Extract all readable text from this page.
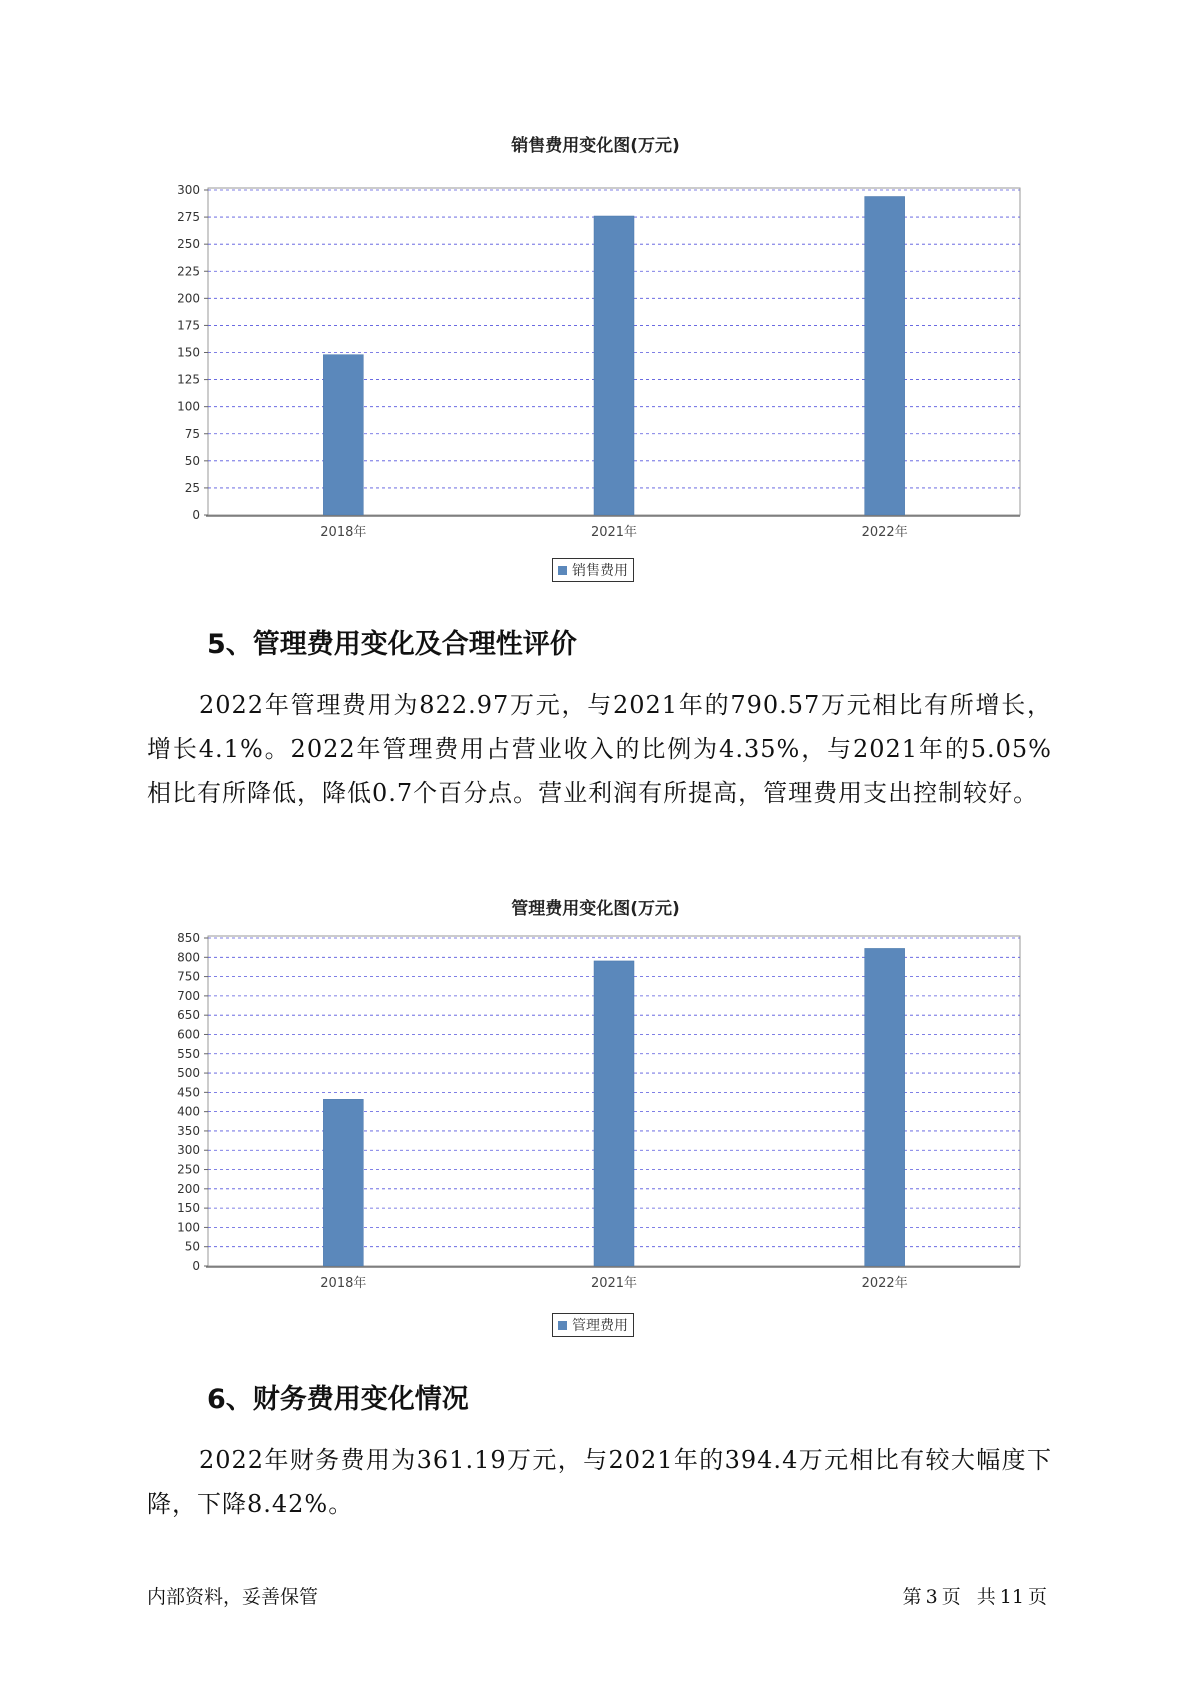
销售费用变化图(万元)
0
25
50
75
100
125
150
175
200
225
250
275
300
2018年	2021年	2022年
销售费用
5、管理费用变化及合理性评价

2022年管理费用为822.97万元，与2021年的790.57万元相比有所增长，增长4.1%。2022年管理费用占营业收入的比例为4.35%，与2021年的5.05%相比有所降低，降低0.7个百分点。营业利润有所提高，管理费用支出控制较好。

管理费用变化图(万元)
0
50
100
150
200
250
300
350
400
450
500
550
600
650
700
750
800
850
2018年	2021年	2022年
管理费用
6、财务费用变化情况

2022年财务费用为361.19万元，与2021年的394.4万元相比有较大幅度下降，下降8.42%。

内部资料，妥善保管	第 3 页 共 11 页
